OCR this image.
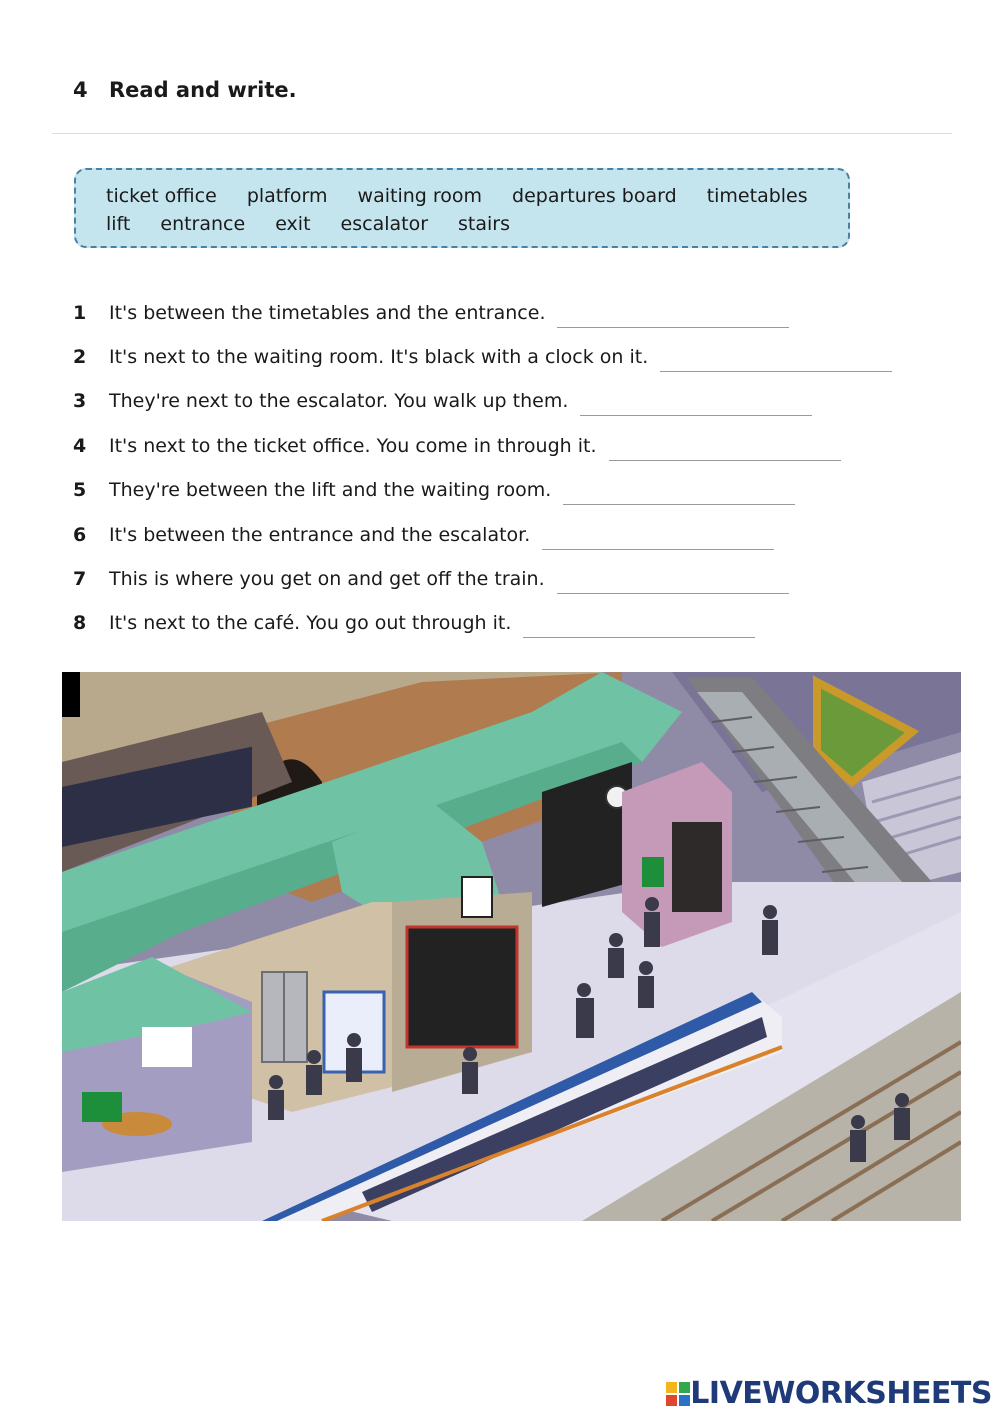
4 Read and write.
ticket office platform waiting room departures board timetables
lift entrance exit escalator stairs
1	It's between the timetables and the entrance.
2	It's next to the waiting room. It's black with a clock on it.
3	They're next to the escalator. You walk up them.
4	It's next to the ticket office. You come in through it.
5	They're between the lift and the waiting room.
6	It's between the entrance and the escalator.
7	This is where you get on and get off the train.
8	It's next to the café. You go out through it.
LIVEWORKSHEETS
